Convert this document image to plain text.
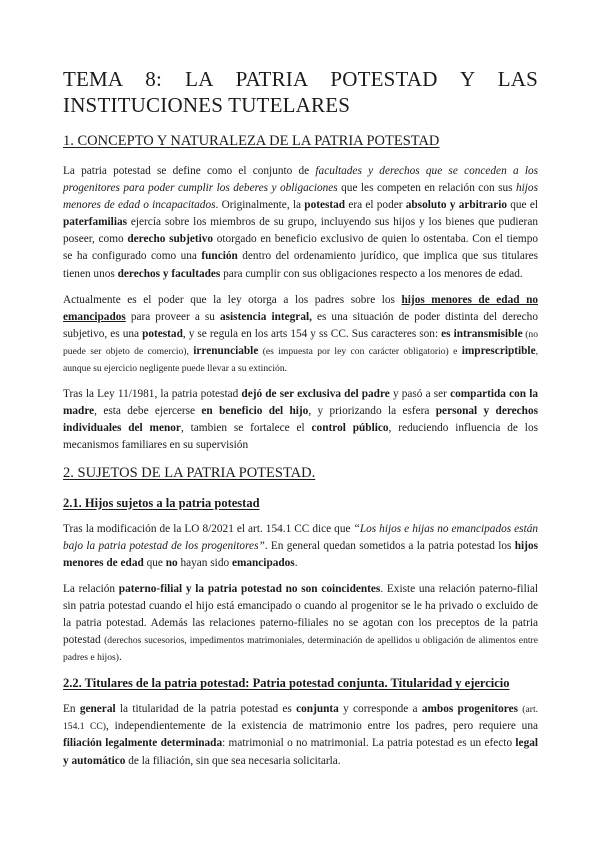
TEMA 8: LA PATRIA POTESTAD Y LAS INSTITUCIONES TUTELARES
1. CONCEPTO Y NATURALEZA DE LA PATRIA POTESTAD

La patria potestad se define como el conjunto de facultades y derechos que se conceden a los progenitores para poder cumplir los deberes y obligaciones que les competen en relación con sus hijos menores de edad o incapacitados. Originalmente, la potestad era el poder absoluto y arbitrario que el paterfamilias ejercía sobre los miembros de su grupo, incluyendo sus hijos y los bienes que pudieran poseer, como derecho subjetivo otorgado en beneficio exclusivo de quien lo ostentaba. Con el tiempo se ha configurado como una función dentro del ordenamiento jurídico, que implica que sus titulares tienen unos derechos y facultades para cumplir con sus obligaciones respecto a los menores de edad.

Actualmente es el poder que la ley otorga a los padres sobre los hijos menores de edad no emancipados para proveer a su asistencia integral, es una situación de poder distinta del derecho subjetivo, es una potestad, y se regula en los arts 154 y ss CC. Sus caracteres son: es intransmisible (no puede ser objeto de comercio), irrenunciable (es impuesta por ley con carácter obligatorio) e imprescriptible, aunque su ejercicio negligente puede llevar a su extinción.

Tras la Ley 11/1981, la patria potestad dejó de ser exclusiva del padre y pasó a ser compartida con la madre, esta debe ejercerse en beneficio del hijo, y priorizando la esfera personal y derechos individuales del menor, tambien se fortalece el control público, reduciendo influencia de los mecanismos familiares en su supervisión

2. SUJETOS DE LA PATRIA POTESTAD.
2.1. Hijos sujetos a la patria potestad

Tras la modificación de la LO 8/2021 el art. 154.1 CC dice que “Los hijos e hijas no emancipados están bajo la patria potestad de los progenitores”. En general quedan sometidos a la patria potestad los hijos menores de edad que no hayan sido emancipados.

La relación paterno-filial y la patria potestad no son coincidentes. Existe una relación paterno-filial sin patria potestad cuando el hijo está emancipado o cuando al progenitor se le ha privado o excluido de la patria potestad. Además las relaciones paterno-filiales no se agotan con los preceptos de la patria potestad (derechos sucesorios, impedimentos matrimoniales, determinación de apellidos u obligación de alimentos entre padres e hijos).

2.2. Titulares de la patria potestad: Patria potestad conjunta. Titularidad y ejercicio

En general la titularidad de la patria potestad es conjunta y corresponde a ambos progenitores (art. 154.1 CC), independientemente de la existencia de matrimonio entre los padres, pero requiere una filiación legalmente determinada: matrimonial o no matrimonial. La patria potestad es un efecto legal y automático de la filiación, sin que sea necesaria solicitarla.
